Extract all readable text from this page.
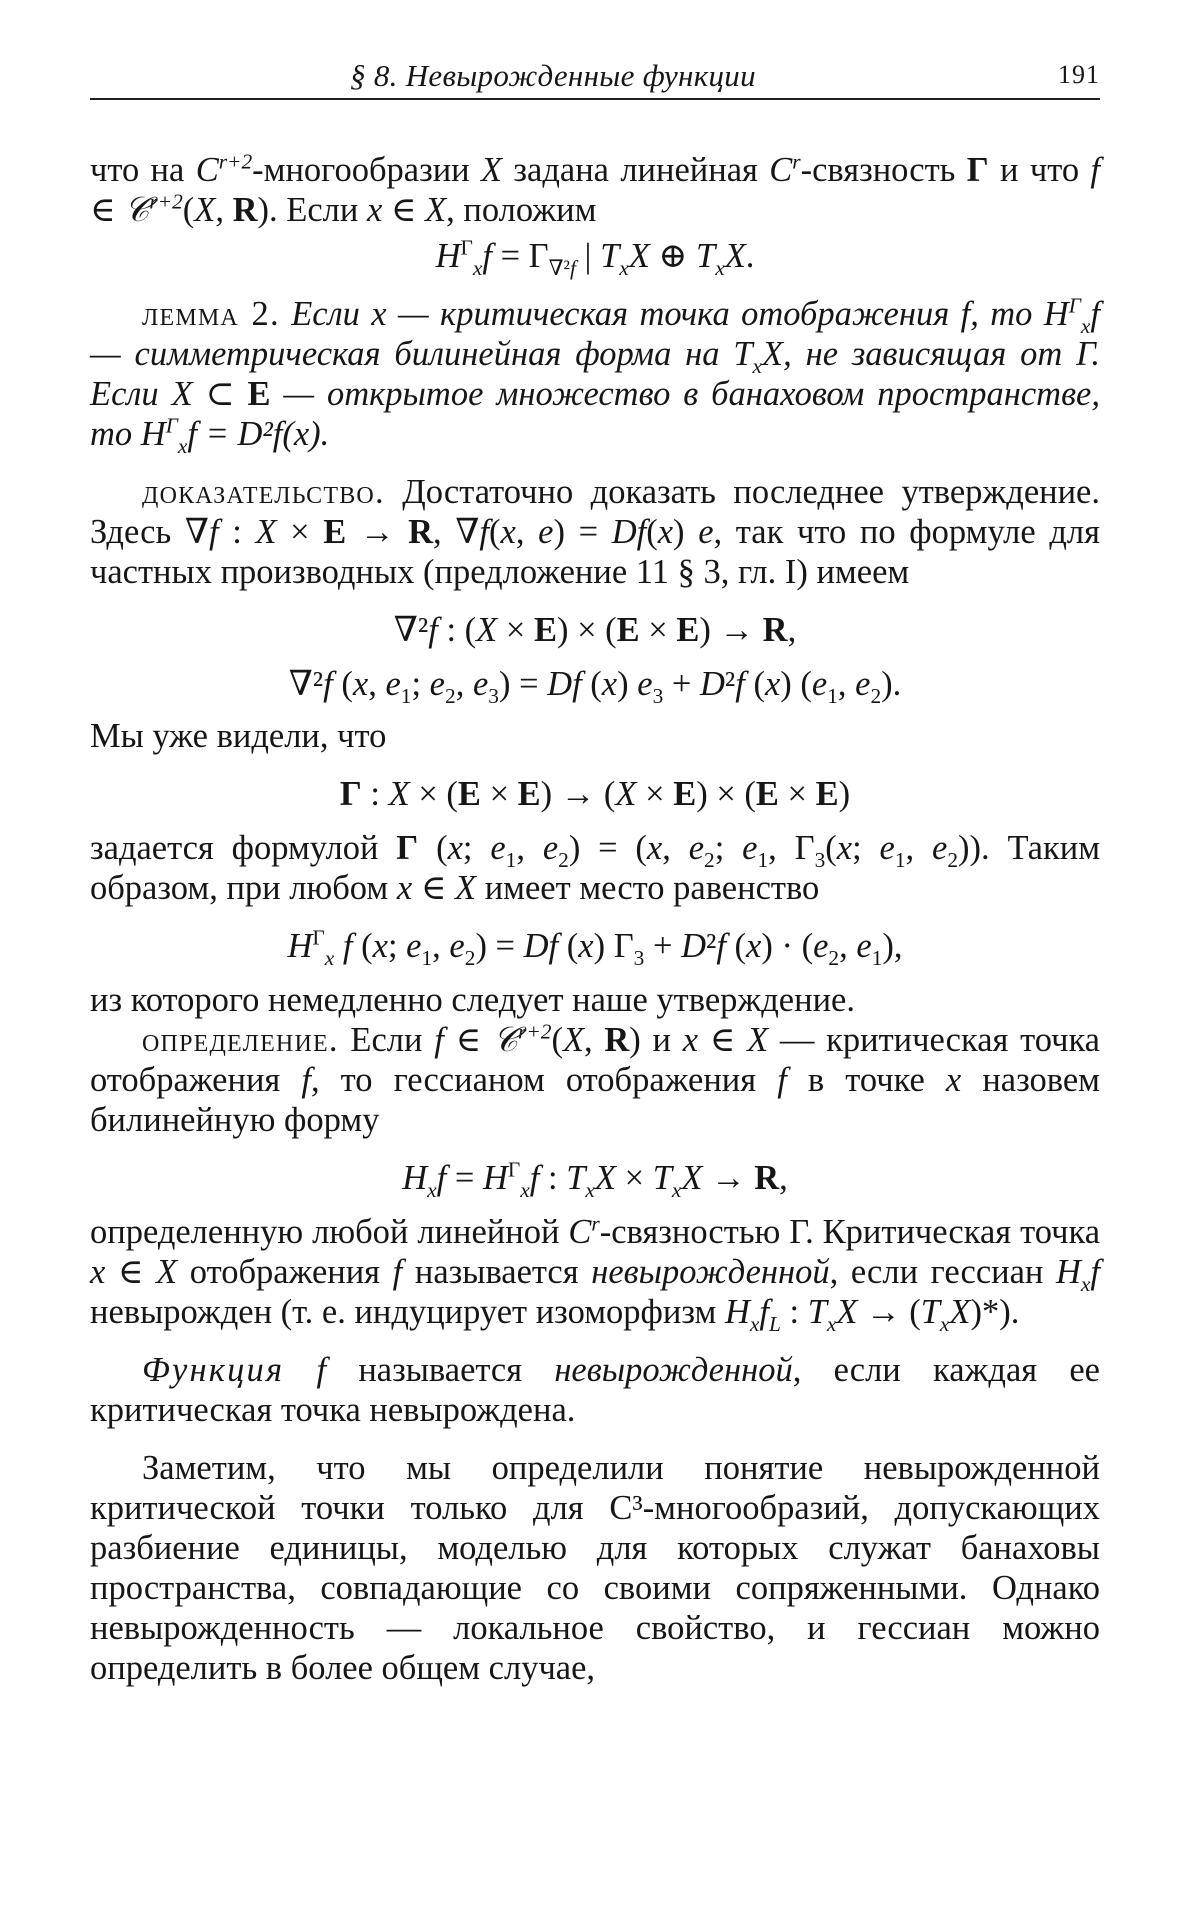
§ 8. Невырожденные функции	191

что на $C^{r+2}$-многообразии X задана линейная $C^r$-связность Γ и что f ∈ 𝒞$^{r+2}$(X, R). Если x ∈ X, положим

$H^\Gamma_xf = \Gamma_{\nabla^2f}$ | $T_xX$ ⊕ $T_xX$.

лемма 2. Если x — критическая точка отображения f, то $H^\Gamma_xf$ — симметрическая билинейная форма на $T_xX$, не зависящая от Γ. Если X ⊂ E — открытое множество в банаховом пространстве, то $H^\Gamma_xf = D^2f(x)$.

доказательство. Достаточно доказать последнее утверждение. Здесь ∇f : X × E → R, ∇f(x, e) = Df(x) e, так что по формуле для частных производных (предложение 11 § 3, гл. I) имеем

∇²f : (X × E) × (E × E) → R,
∇²f (x, $e_1$; $e_2$, $e_3) = Df$ (x) $e_3 + D^2f$ (x) ($e_1$, $e_2$).

Мы уже видели, что

Γ : X × (E × E) → (X × E) × (E × E)

задается формулой Γ (x; $e_1$, $e_2) = (x$, $e_2$; $e_1$, $\Gamma_3(x$; $e_1$, $e_2$)). Таким образом, при любом x ∈ X имеет место равенство

$H^\Gamma_x$ f (x; $e_1$, $e_2) = Df$ (x) $\Gamma_3 + D^2f$ $(x) \cdot (e_2$, $e_1$),

из которого немедленно следует наше утверждение.

определение. Если f ∈ 𝒞$^{r+2}$(X, R) и x ∈ X — критическая точка отображения f, то гессианом отображения f в точке x назовем билинейную форму

$H_xf = H^\Gamma_xf$ : $T_xX \times T_xX \to R$,

определенную любой линейной $C^r$-связностью Γ. Критическая точка x ∈ X отображения f называется невырожденной, если гессиан $H_xf$ невырожден (т. е. индуцирует изоморфизм $H_xf_L$ : $T_xX \to (T_xX)*$).

Функция f называется невырожденной, если каждая ее критическая точка невырождена.

Заметим, что мы определили понятие невырожденной критической точки только для C³-многообразий, допускающих разбиение единицы, моделью для которых служат банаховы пространства, совпадающие со своими сопряженными. Однако невырожденность — локальное свойство, и гессиан можно определить в более общем случае,
